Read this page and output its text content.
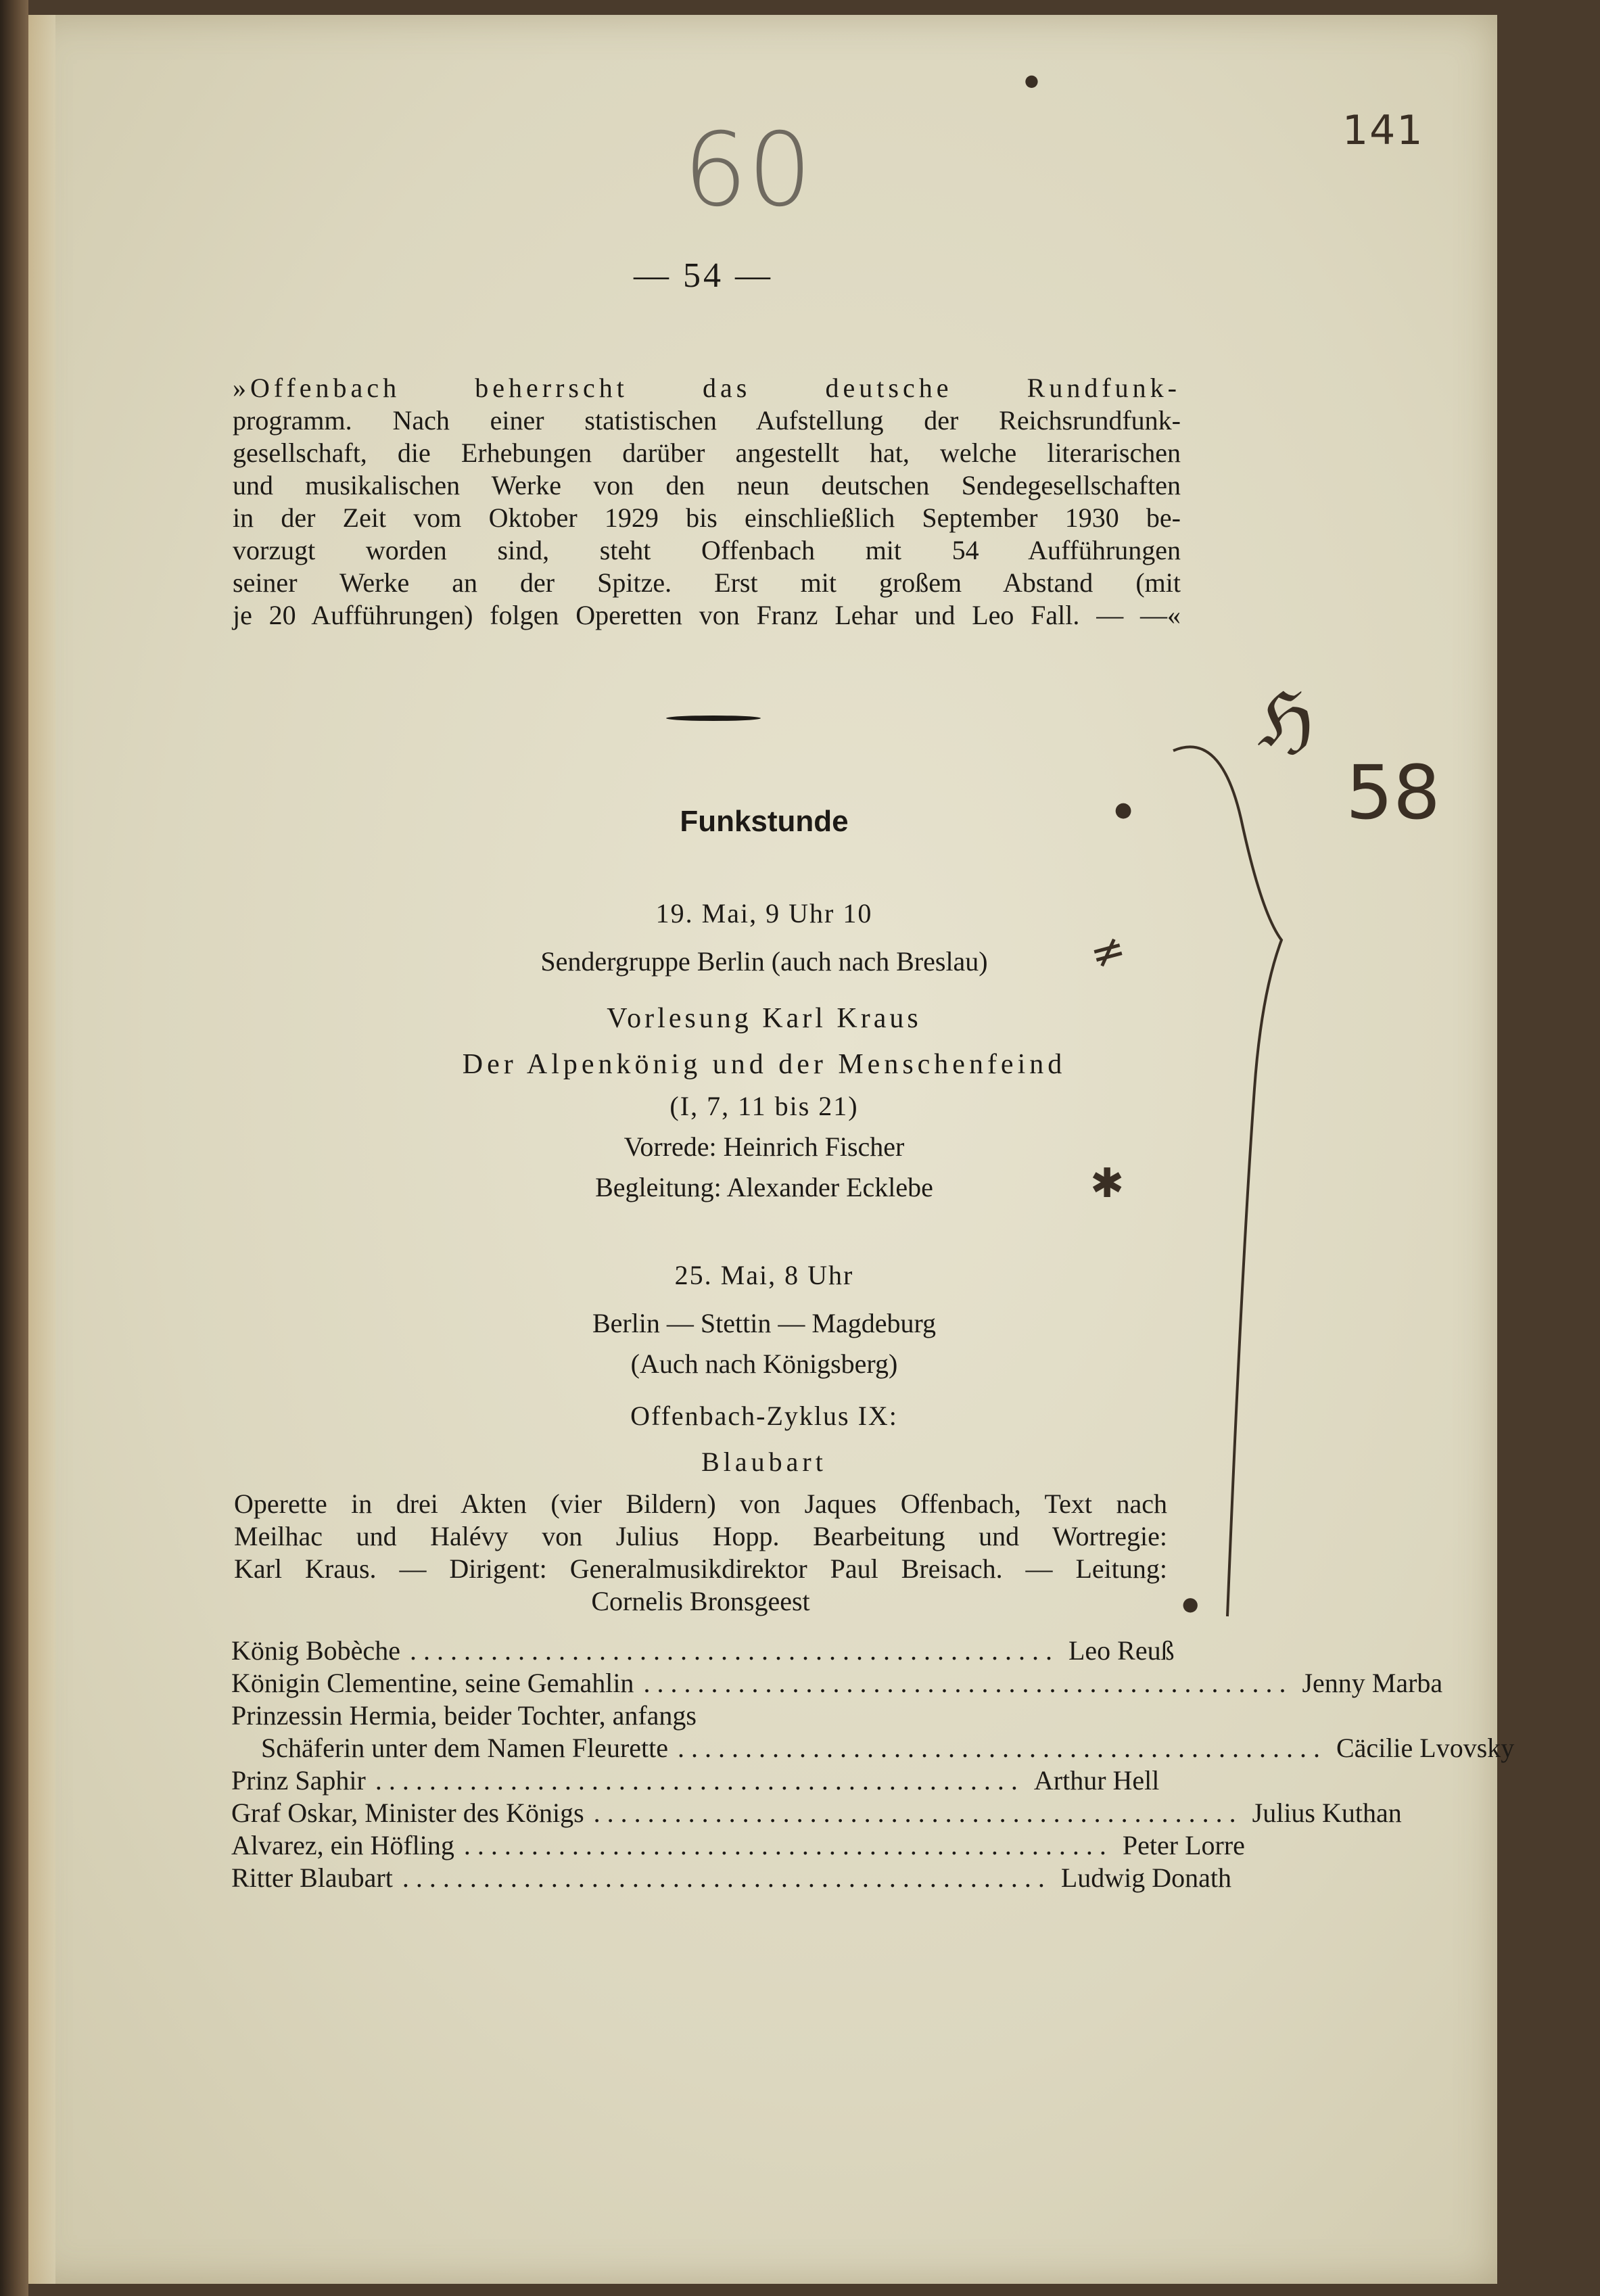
141
60
— 54 —

»Offenbach beherrscht das deutsche Rundfunk-

programm. Nach einer statistischen Aufstellung der Reichsrundfunk-

gesellschaft, die Erhebungen darüber angestellt hat, welche literarischen

und musikalischen Werke von den neun deutschen Sendegesellschaften

in der Zeit vom Oktober 1929 bis einschließlich September 1930 be-

vorzugt worden sind, steht Offenbach mit 54 Aufführungen

seiner Werke an der Spitze. Erst mit großem Abstand (mit

je 20 Aufführungen) folgen Operetten von Franz Lehar und Leo Fall. — —«

Funkstunde
19. Mai, 9 Uhr 10
Sendergruppe Berlin (auch nach Breslau)
Vorlesung Karl Kraus
Der Alpenkönig und der Menschenfeind
(I, 7, 11 bis 21)
Vorrede: Heinrich Fischer
Begleitung: Alexander Ecklebe
25. Mai, 8 Uhr
Berlin — Stettin — Magdeburg
(Auch nach Königsberg)
Offenbach-Zyklus IX:
Blaubart

Operette in drei Akten (vier Bildern) von Jaques Offenbach, Text nach

Meilhac und Halévy von Julius Hopp. Bearbeitung und Wortregie:

Karl Kraus. — Dirigent: Generalmusikdirektor Paul Breisach. — Leitung:

Cornelis Bronsgeest

König Bobèche ................................................ Leo Reuß
Königin Clementine, seine Gemahlin ................................................ Jenny Marba
Prinzessin Hermia, beider Tochter, anfangs
Schäferin unter dem Namen Fleurette ................................................ Cäcilie Lvovsky
Prinz Saphir ................................................ Arthur Hell
Graf Oskar, Minister des Königs ................................................ Julius Kuthan
Alvarez, ein Höfling ................................................ Peter Lorre
Ritter Blaubart ................................................ Ludwig Donath
≠
✱
ℌ
58
●
●
●
